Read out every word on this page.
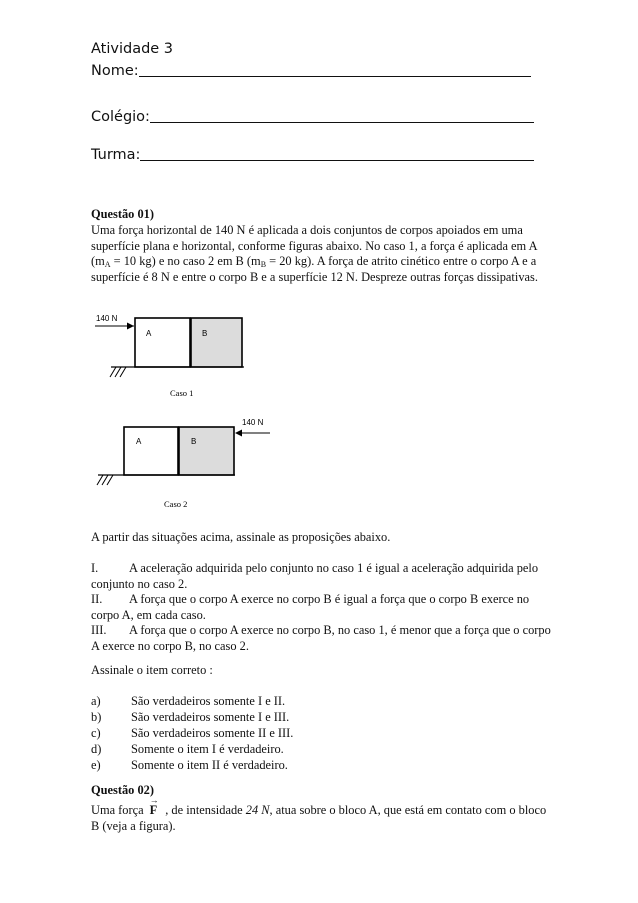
Atividade 3
Nome:
Colégio:
Turma:
Questão 01)
Uma força horizontal de 140 N é aplicada a dois conjuntos de corpos apoiados em uma superfície plana e horizontal, conforme figuras abaixo. No caso 1, a força é aplicada em A ($m_A = 10$ kg) e no caso 2 em B ($m_B = 20$ kg). A força de atrito cinético entre o corpo A e a superfície é 8 N e entre o corpo B e a superfície 12 N. Despreze outras forças dissipativas.
140 N
A	B
Caso 1
140 N
A	B
Caso 2
A partir das situações acima, assinale as proposições abaixo.
I. A aceleração adquirida pelo conjunto no caso 1 é igual a aceleração adquirida pelo conjunto no caso 2.
II. A força que o corpo A exerce no corpo B é igual a força que o corpo B exerce no corpo A, em cada caso.
III. A força que o corpo A exerce no corpo B, no caso 1, é menor que a força que o corpo A exerce no corpo B, no caso 2.
Assinale o item correto :
a) São verdadeiros somente I e II.
b) São verdadeiros somente I e III.
c) São verdadeiros somente II e III.
d) Somente o item I é verdadeiro.
e) Somente o item II é verdadeiro.
Questão 02)
Uma força→ F , de intensidade 24 N, atua sobre o bloco A, que está em contato com o bloco B (veja a figura).
